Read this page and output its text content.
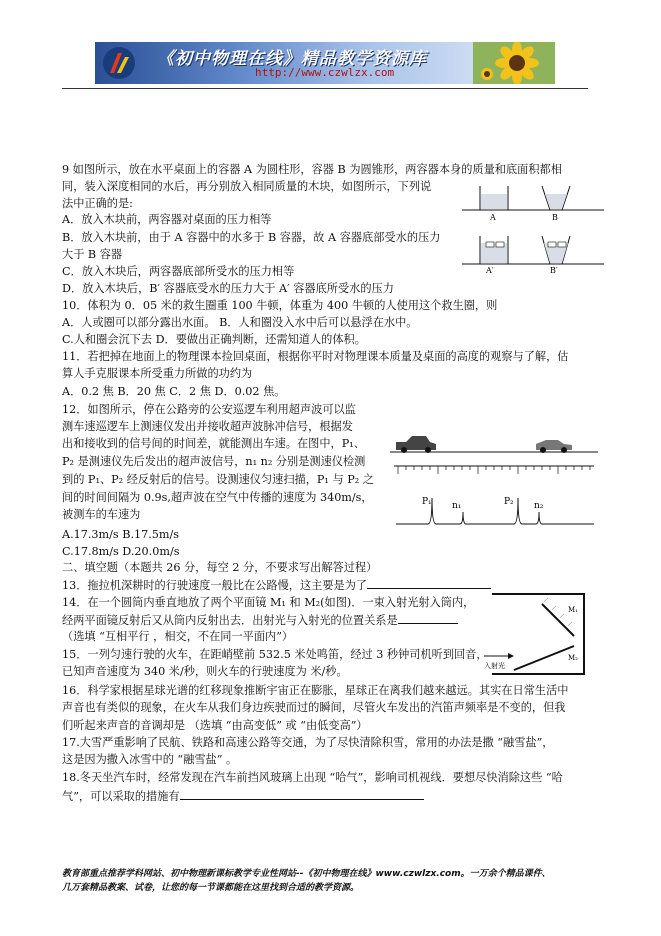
《初中物理在线》精品教学资源库
http://www.czwlzx.com
9 如图所示，放在水平桌面上的容器 A 为圆柱形，容器 B 为圆锥形，两容器本身的质量和底面积都相
同，装入深度相同的水后，再分别放入相同质量的木块，如图所示，下列说
法中正确的是:
A．放入木块前，两容器对桌面的压力相等
B．放入木块前，由于 A 容器中的水多于 B 容器，故 A 容器底部受水的压力
大于 B 容器
C．放入木块后，两容器底部所受水的压力相等
D．放入木块后，B′ 容器底受水的压力大于 A′ 容器底所受水的压力
10．体积为 0．05 米的救生圈重 100 牛顿，体重为 400 牛顿的人使用这个救生圈，则
A．人或圈可以部分露出水面。 B．人和圈没入水中后可以悬浮在水中。
C.人和圈会沉下去 D．要做出正确判断，还需知道人的体积。
11．若把掉在地面上的物理课本捡回桌面，根据你平时对物理课本质量及桌面的高度的观察与了解，估
算人手克服课本所受重力所做的功约为
A．0.2 焦 B．20 焦 C．2 焦 D．0.02 焦。
12．如图所示，停在公路旁的公安巡逻车利用超声波可以监
测车速巡逻车上测速仪发出并接收超声波脉冲信号，根据发
出和接收到的信号间的时间差，就能测出车速。在图中，P₁、
P₂ 是测速仪先后发出的超声波信号，n₁ n₂ 分别是测速仪检测
到的 P₁、P₂ 经反射后的信号。设测速仪匀速扫描，P₁ 与 P₂ 之
间的时间间隔为 0.9s,超声波在空气中传播的速度为 340m/s，
被测车的车速为
A.17.3m/s B.17.5m/s
C.17.8m/s D.20.0m/s
二、填空题（本题共 26 分，每空 2 分，不要求写出解答过程）
13．拖拉机深耕时的行驶速度一般比在公路慢，这主要是为了
14．在一个圆筒内垂直地放了两个平面镜 M₁ 和 M₂(如图)．一束入射光射入筒内，
经两平面镜反射后又从筒内反射出去．出射光与入射光的位置关系是
（选填 “互相平行 ，相交，不在同一平面内”）
15．一列匀速行驶的火车，在距峭壁前 532.5 米处鸣笛，经过 3 秒钟司机听到回音，
已知声音速度为 340 米/秒，则火车的行驶速度为 米/秒。
16．科学家根据星球光谱的红移现象推断宇宙正在膨胀，星球正在离我们越来越远。其实在日常生活中
声音也有类似的现象，在火车从我们身边疾驶而过的瞬间，尽管火车发出的汽笛声频率是不变的，但我
们听起来声音的音调却是 （选填 “由高变低” 或 “由低变高”）
17.大雪严重影响了民航、铁路和高速公路等交通，为了尽快清除积雪，常用的办法是撒 “融雪盐”，
这是因为撒入冰雪中的 “融雪盐” 。
18.冬天坐汽车时，经常发现在汽车前挡风玻璃上出现 “哈气”，影响司机视线．要想尽快消除这些 “哈
气”，可以采取的措施有
A	B
A′	B′
P₁ n₁	P₂ n₂
M₁
M₂
入射光
教育部重点推荐学科网站、初中物理新课标教学专业性网站--《初中物理在线》www.czwlzx.com。一万余个精品课件、
几万套精品教案、试卷，让您的每一节课都能在这里找到合适的教学资源。
